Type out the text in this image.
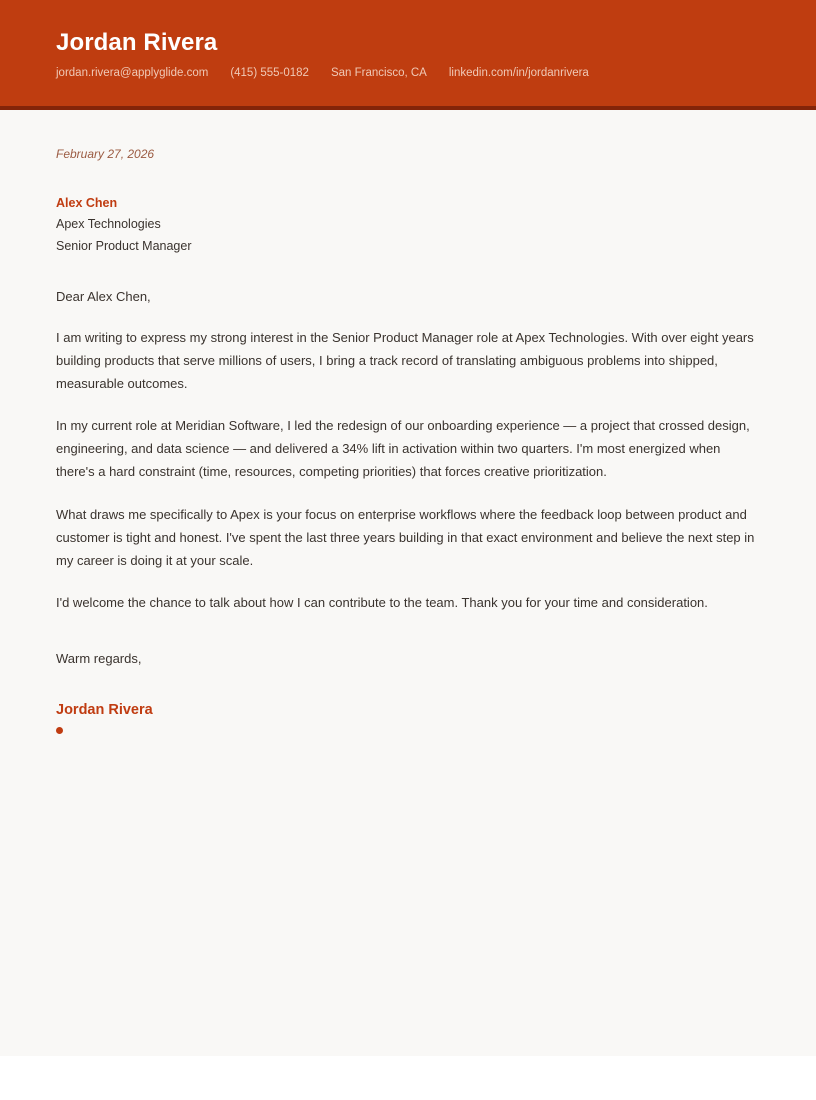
Jordan Rivera
jordan.rivera@applyglide.com (415) 555-0182 San Francisco, CA linkedin.com/in/jordanrivera

February 27, 2026

Alex Chen

Apex Technologies

Senior Product Manager

Dear Alex Chen,

I am writing to express my strong interest in the Senior Product Manager role at Apex Technologies. With over eight years building products that serve millions of users, I bring a track record of translating ambiguous problems into shipped, measurable outcomes.

In my current role at Meridian Software, I led the redesign of our onboarding experience — a project that crossed design, engineering, and data science — and delivered a 34% lift in activation within two quarters. I'm most energized when there's a hard constraint (time, resources, competing priorities) that forces creative prioritization.

What draws me specifically to Apex is your focus on enterprise workflows where the feedback loop between product and customer is tight and honest. I've spent the last three years building in that exact environment and believe the next step in my career is doing it at your scale.

I'd welcome the chance to talk about how I can contribute to the team. Thank you for your time and consideration.

Warm regards,

Jordan Rivera
